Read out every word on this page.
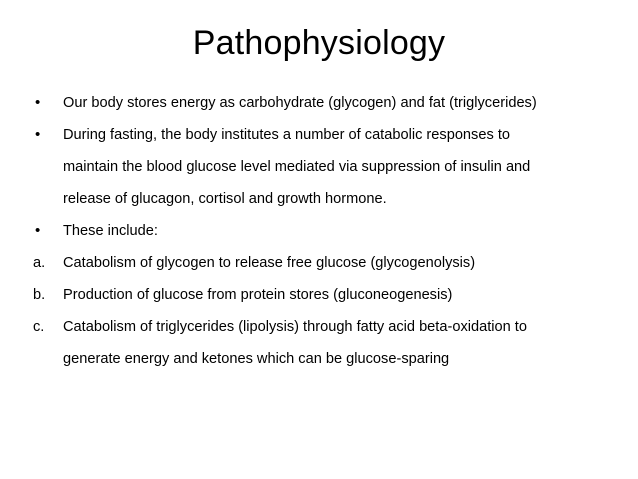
Pathophysiology
•	Our body stores energy as carbohydrate (glycogen) and fat (triglycerides)
•	During fasting, the body institutes a number of catabolic responses to
maintain the blood glucose level mediated via suppression of insulin and
release of glucagon, cortisol and growth hormone.
•	These include:
a.	Catabolism of glycogen to release free glucose (glycogenolysis)
b.	Production of glucose from protein stores (gluconeogenesis)
c.	Catabolism of triglycerides (lipolysis) through fatty acid beta-oxidation to
generate energy and ketones which can be glucose-sparing
